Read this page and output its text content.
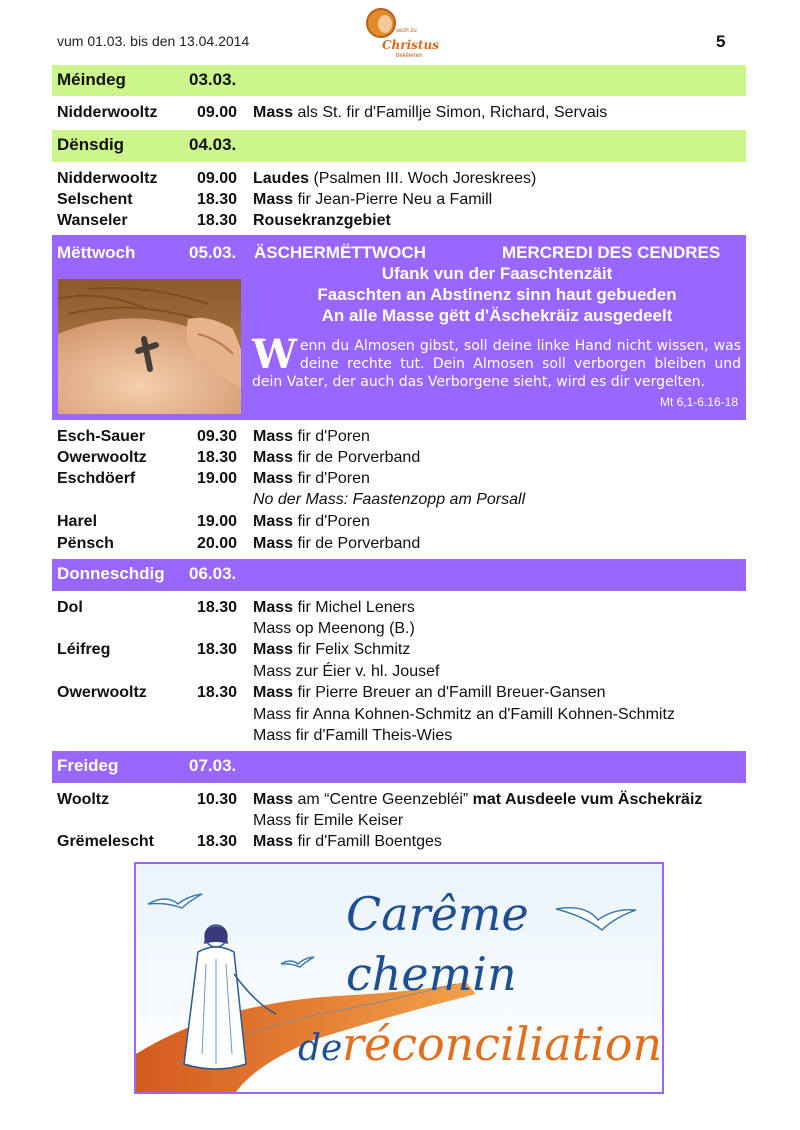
vum 01.03. bis den 13.04.2014
sech zu
Christus
bekéieren
5
Méindeg	03.03.
Nidderwooltz 09.00 Mass als St. fir d'Famillje Simon, Richard, Servais
Dënsdig	04.03.
Nidderwooltz 09.00 Laudes (Psalmen III. Woch Joreskrees)
Selschent	18.30 Mass fir Jean-Pierre Neu a Famill
Wanseler	18.30 Rousekranzgebiet
Mëttwoch	05.03. ÄSCHERMËTTWOCH	MERCREDI DES CENDRES
Ufank vun der Faaschtenzäit
Faaschten an Abstinenz sinn haut gebueden
An alle Masse gëtt d'Äschekräiz ausgedeelt
Wenn du Almosen gibst, soll deine linke Hand nicht wissen, was deine rechte tut. Dein Almosen soll verborgen bleiben und dein Vater, der auch das Verborgene sieht, wird es dir vergelten.
Mt 6,1-6.16-18
Esch-Sauer	09.30 Mass fir d'Poren
Owerwooltz	18.30 Mass fir de Porverband
Eschdöerf	19.00 Mass fir d'Poren
No der Mass: Faastenzopp am Porsall
Harel	19.00 Mass fir d'Poren
Pënsch	20.00 Mass fir de Porverband
Donneschdig 06.03.
Dol	18.30 Mass fir Michel Leners
Mass op Meenong (B.)
Léifreg	18.30 Mass fir Felix Schmitz
Mass zur Éier v. hl. Jousef
Owerwooltz	18.30 Mass fir Pierre Breuer an d'Famill Breuer-Gansen
Mass fir Anna Kohnen-Schmitz an d'Famill Kohnen-Schmitz
Mass fir d'Famill Theis-Wies
Freideg	07.03.
Wooltz	10.30 Mass am “Centre Geenzebléi” mat Ausdeele vum Äschekräiz
Mass fir Emile Keiser
Grëmelescht	18.30 Mass fir d'Famill Boentges
Carême
chemin
de réconciliation
